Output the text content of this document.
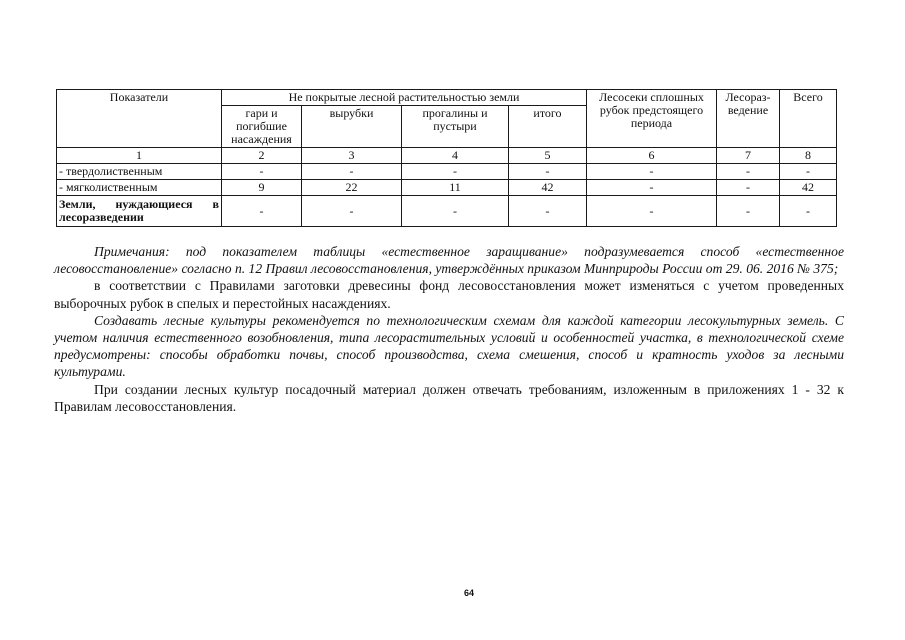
Показатели	Не покрытые лесной растительностью земли				Лесосеки сплошных рубок предстоящего периода	Лесораз-ведение	Всего
	гари и погибшие насаждения	вырубки	прогалины и пустыри	итого			
1	2	3	4	5	6	7	8
- твердолиственным	-	-	-	-	-	-	-
- мягколиственным	9	22	11	42	-	-	42
Земли, нуждающиеся в лесоразведении	-	-	-	-	-	-	-

Примечания: под показателем таблицы «естественное заращивание» подразумевается способ «естественное лесовосстановление» согласно п. 12 Правил лесовосстановления, утверждённых приказом Минприроды России от 29. 06. 2016 № 375;

в соответствии с Правилами заготовки древесины фонд лесовосстановления может изменяться с учетом проведенных выборочных рубок в спелых и перестойных насаждениях.

Создавать лесные культуры рекомендуется по технологическим схемам для каждой категории лесокультурных земель. С учетом наличия естественного возобновления, типа лесорастительных условий и особенностей участка, в технологической схеме предусмотрены: способы обработки почвы, способ производства, схема смешения, способ и кратность уходов за лесными культурами.

При создании лесных культур посадочный материал должен отвечать требованиям, изложенным в приложениях 1 - 32 к Правилам лесовосстановления.

64
